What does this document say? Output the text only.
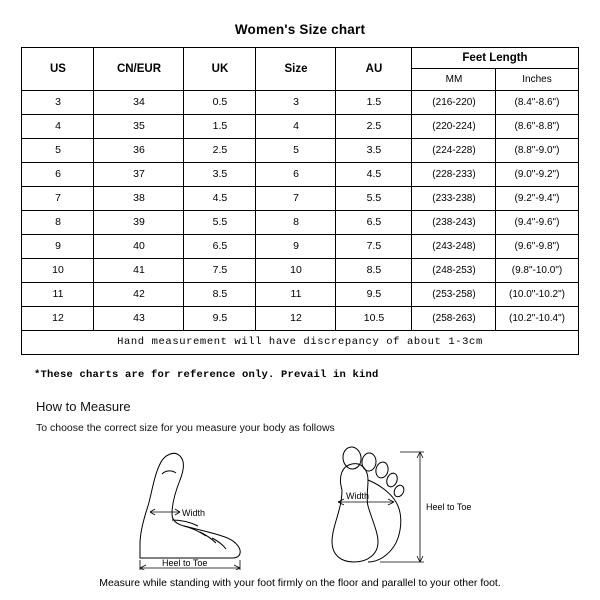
Women's Size chart
US	CN/EUR	UK	Size	AU	Feet Length	
					MM	Inches
3	34	0.5	3	1.5	(216-220)	(8.4"-8.6")
4	35	1.5	4	2.5	(220-224)	(8.6"-8.8")
5	36	2.5	5	3.5	(224-228)	(8.8"-9.0")
6	37	3.5	6	4.5	(228-233)	(9.0"-9.2")
7	38	4.5	7	5.5	(233-238)	(9.2"-9.4")
8	39	5.5	8	6.5	(238-243)	(9.4"-9.6")
9	40	6.5	9	7.5	(243-248)	(9.6"-9.8")
10	41	7.5	10	8.5	(248-253)	(9.8"-10.0")
11	42	8.5	11	9.5	(253-258)	(10.0"-10.2")
12	43	9.5	12	10.5	(258-263)	(10.2"-10.4")
Hand measurement will have discrepancy of about 1-3cm						
*These charts are for reference only. Prevail in kind
How to Measure
To choose the correct size for you measure your body as follows
Width
Heel to Toe
Width
Heel to Toe
Measure while standing with your foot firmly on the floor and parallel to your other foot.
